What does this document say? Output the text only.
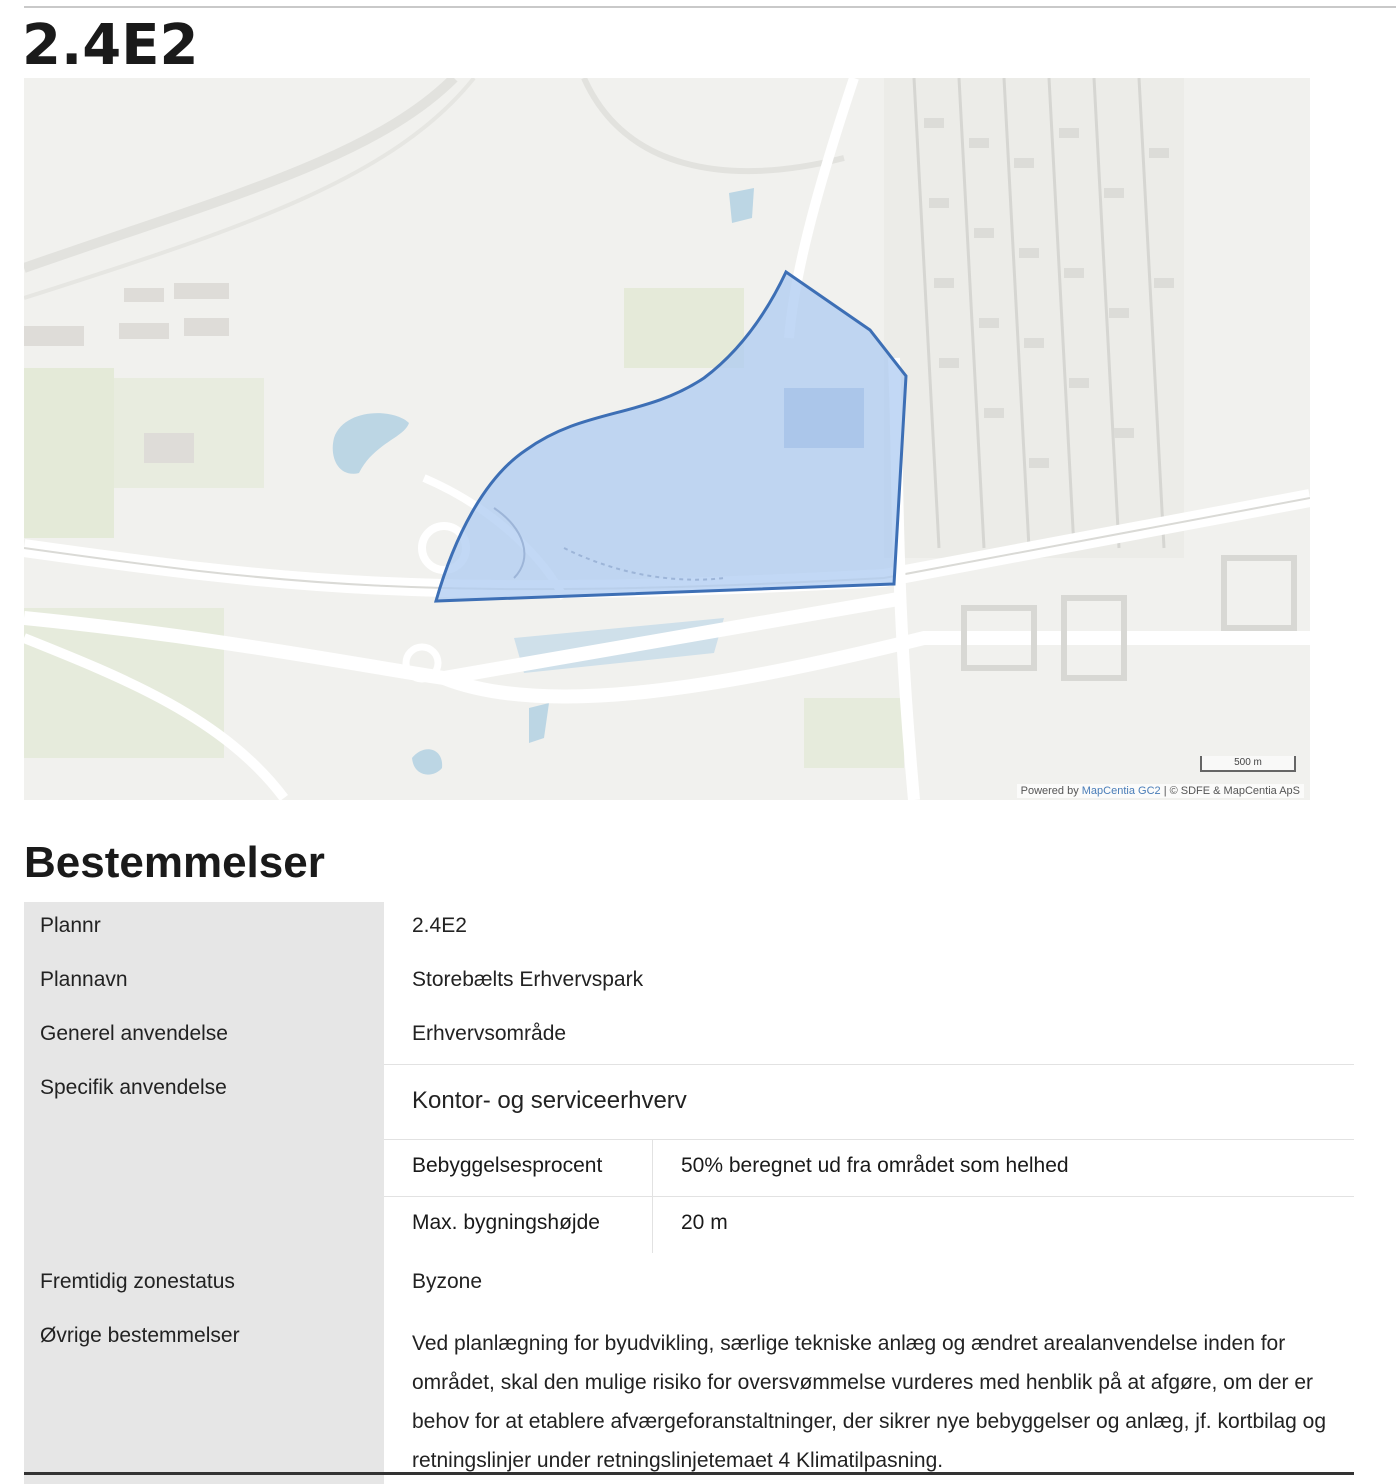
2.4E2
500 m
Powered by MapCentia GC2 | © SDFE & MapCentia ApS
Bestemmelser
Plannr	2.4E2
Plannavn	Storebælts Erhvervspark
Generel anvendelse	Erhvervsområde
Specifik anvendelse	Kontor- og serviceerhverv
Bebyggelsesprocent	50% beregnet ud fra området som helhed
Max. bygningshøjde	20 m

Fremtidig zonestatus	Byzone
Øvrige bestemmelser	Ved planlægning for byudvikling, særlige tekniske anlæg og ændret arealanvendelse inden for området, skal den mulige risiko for oversvømmelse vurderes med henblik på at afgøre, om der er behov for at etablere afværgeforanstaltninger, der sikrer nye bebyggelser og anlæg, jf. kortbilag og retningslinjer under retningslinjetemaet 4 Klimatilpasning.
